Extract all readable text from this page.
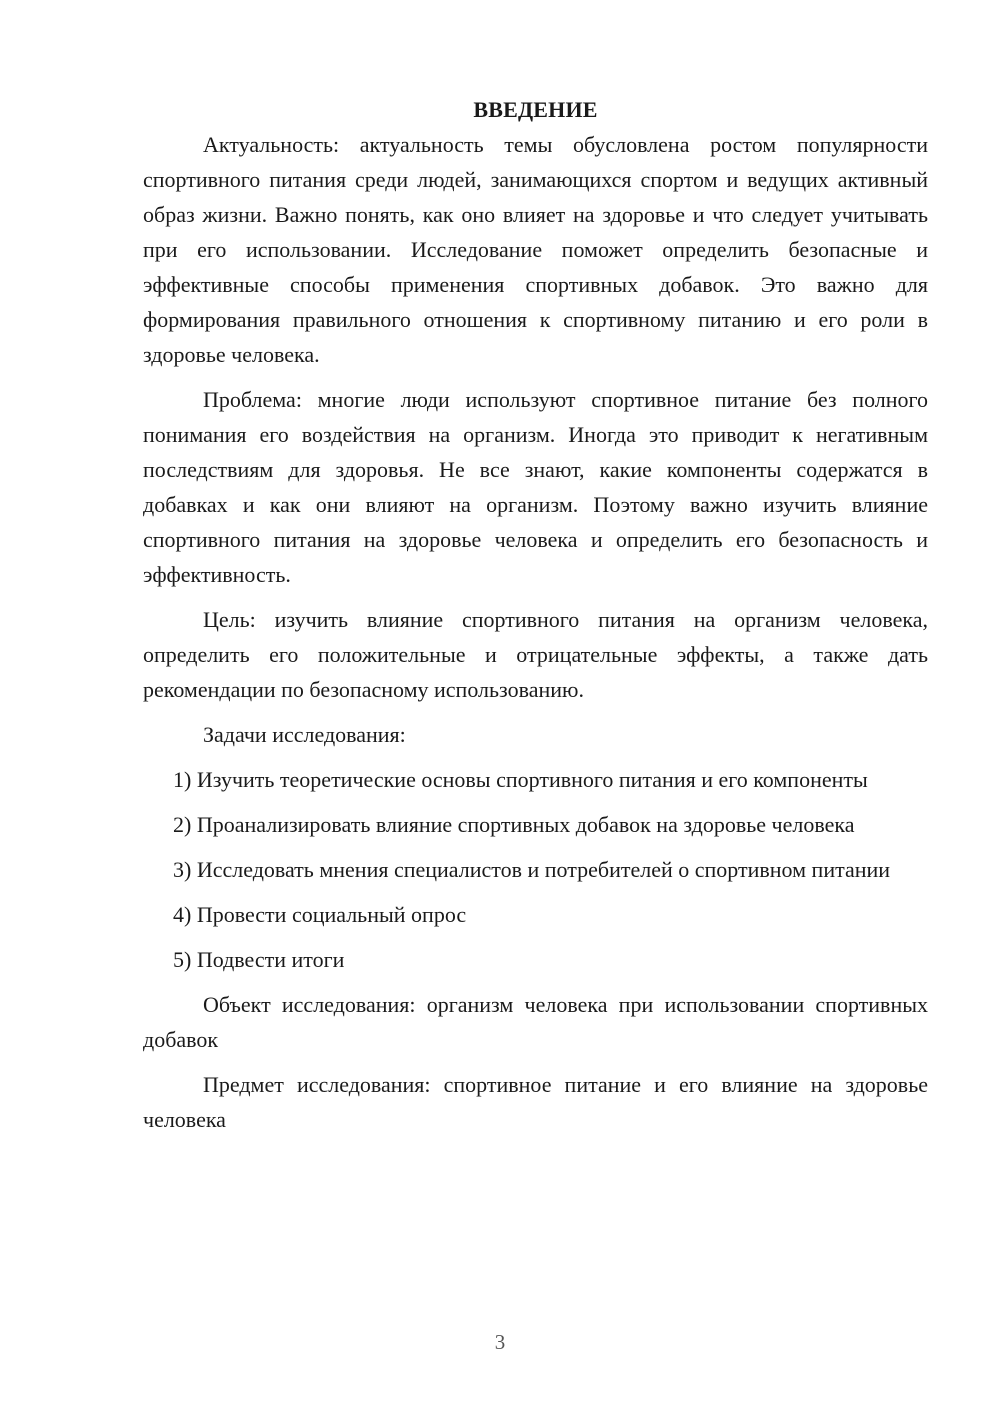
ВВЕДЕНИЕ

Актуальность: актуальность темы обусловлена ростом популярности спортивного питания среди людей, занимающихся спортом и ведущих активный образ жизни. Важно понять, как оно влияет на здоровье и что следует учитывать при его использовании. Исследование поможет определить безопасные и эффективные способы применения спортивных добавок. Это важно для формирования правильного отношения к спортивному питанию и его роли в здоровье человека.

Проблема: многие люди используют спортивное питание без полного понимания его воздействия на организм. Иногда это приводит к негативным последствиям для здоровья. Не все знают, какие компоненты содержатся в добавках и как они влияют на организм. Поэтому важно изучить влияние спортивного питания на здоровье человека и определить его безопасность и эффективность.

Цель: изучить влияние спортивного питания на организм человека, определить его положительные и отрицательные эффекты, а также дать рекомендации по безопасному использованию.

Задачи исследования:

1) Изучить теоретические основы спортивного питания и его компоненты

2) Проанализировать влияние спортивных добавок на здоровье человека

3) Исследовать мнения специалистов и потребителей о спортивном питании

4) Провести социальный опрос

5) Подвести итоги

Объект исследования: организм человека при использовании спортивных добавок

Предмет исследования: спортивное питание и его влияние на здоровье человека

3
